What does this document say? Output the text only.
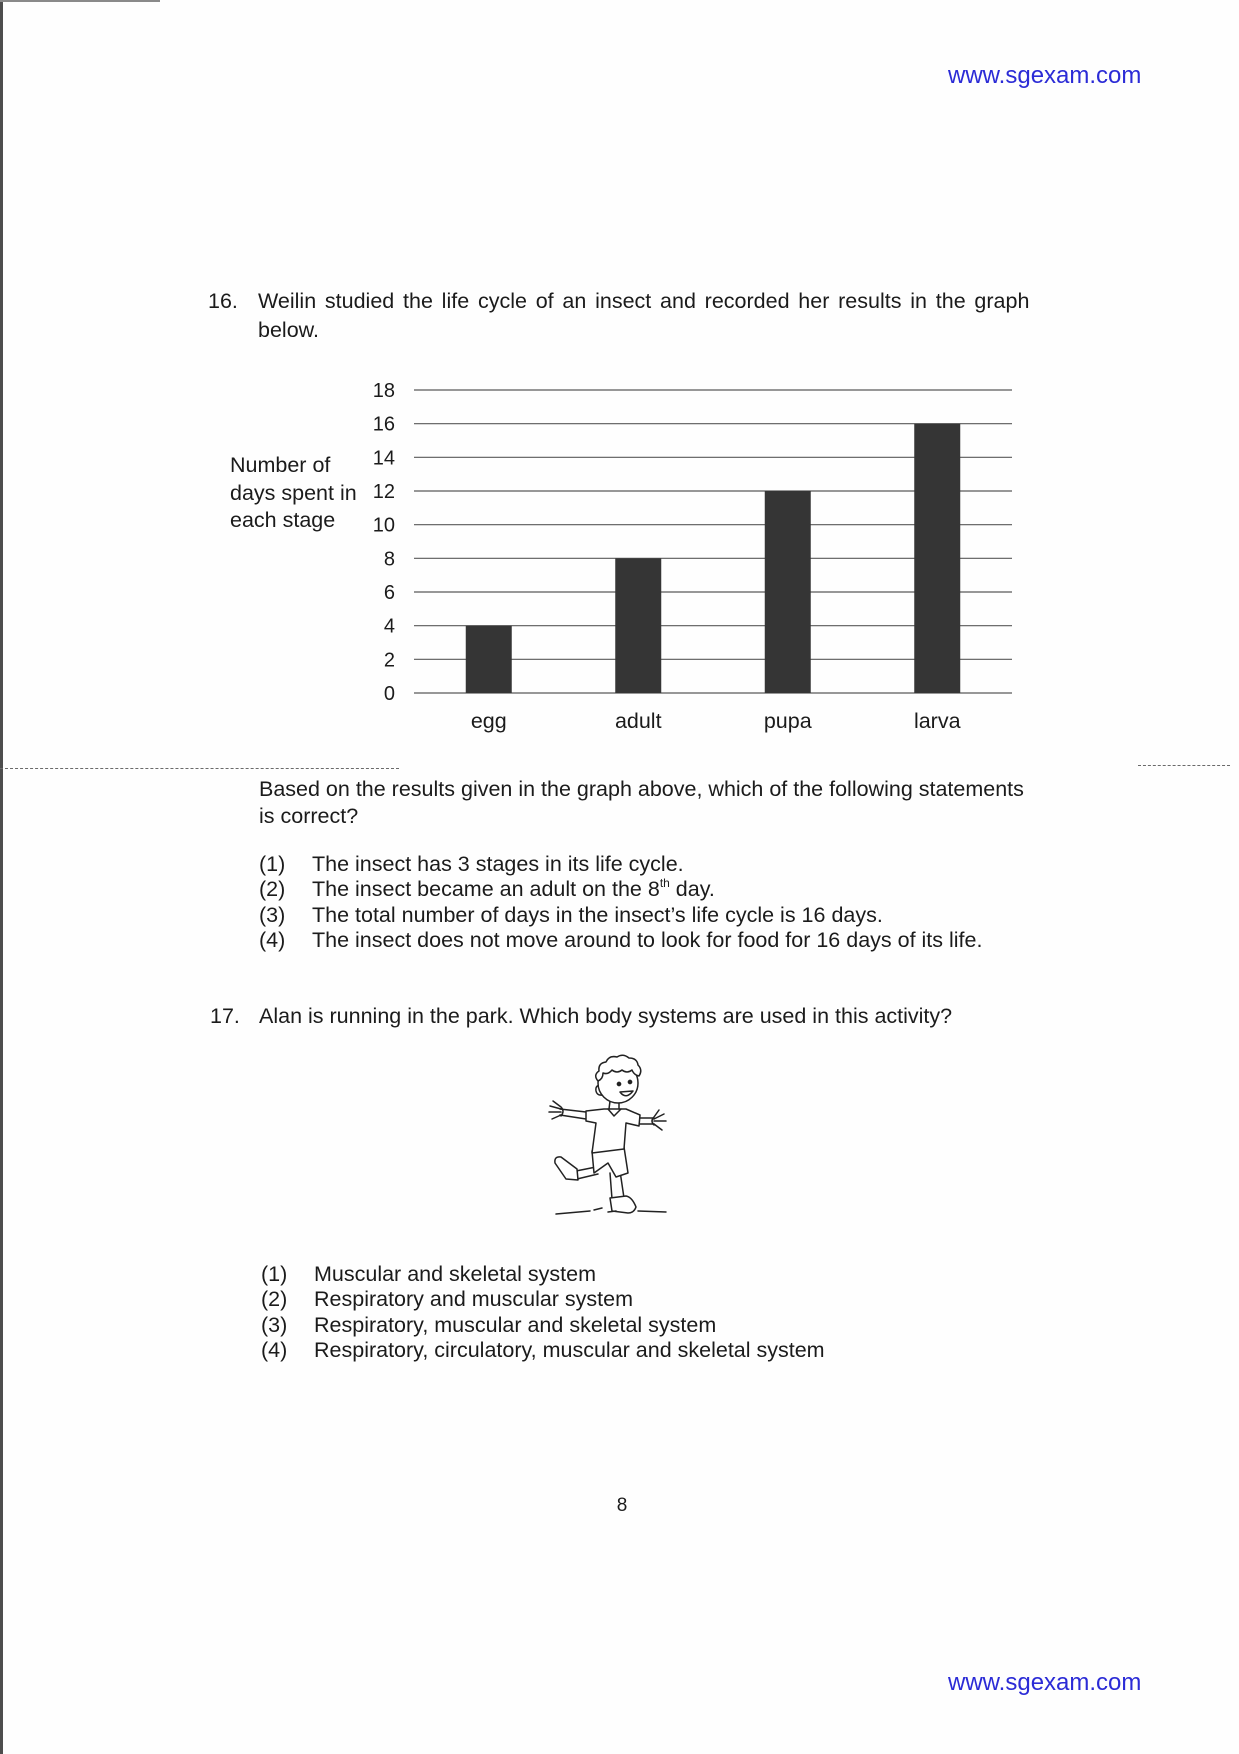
www.sgexam.com
16. Weilin studied the life cycle of an insect and recorded her results in the graph
below.
Number of days spent in each stage
0
2
4
6
8
10
12
14
16
18
egg	adult	pupa	larva
Based on the results given in the graph above, which of the following statements
is correct?
(1) The insect has 3 stages in its life cycle.
(2) The insect became an adult on the 8th day.
(3) The total number of days in the insect’s life cycle is 16 days.
(4) The insect does not move around to look for food for 16 days of its life.
17. Alan is running in the park. Which body systems are used in this activity?
(1) Muscular and skeletal system
(2) Respiratory and muscular system
(3) Respiratory, muscular and skeletal system
(4) Respiratory, circulatory, muscular and skeletal system
8
www.sgexam.com
